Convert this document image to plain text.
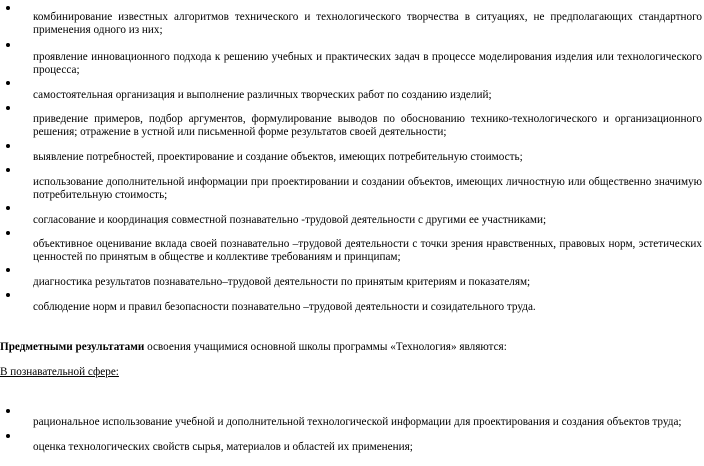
комбинирование известных алгоритмов технического и технологического творчества в ситуациях, не предполагающих стандартного применения одного из них;
проявление инновационного подхода к решению учебных и практических задач в процессе моделирования изделия или технологического процесса;
самостоятельная организация и выполнение различных творческих работ по созданию изделий;
приведение примеров, подбор аргументов, формулирование выводов по обоснованию технико-технологического и организационного решения; отражение в устной или письменной форме результатов своей деятельности;
выявление потребностей, проектирование и создание объектов, имеющих потребительную стоимость;
использование дополнительной информации при проектировании и создании объектов, имеющих личностную или общественно значимую потребительную стоимость;
согласование и координация совместной познавательно -трудовой деятельности с другими ее участниками;
объективное оценивание вклада своей познавательно –трудовой деятельности с точки зрения нравственных, правовых норм, эстетических ценностей по принятым в обществе и коллективе требованиям и принципам;
диагностика результатов познавательно–трудовой деятельности по принятым критериям и показателям;
соблюдение норм и правил безопасности познавательно –трудовой деятельности и созидательного труда.
Предметными результатами освоения учащимися основной школы программы «Технология» являются:
В познавательной сфере:
рациональное использование учебной и дополнительной технологической информации для проектирования и создания объектов труда;
оценка технологических свойств сырья, материалов и областей их применения;
